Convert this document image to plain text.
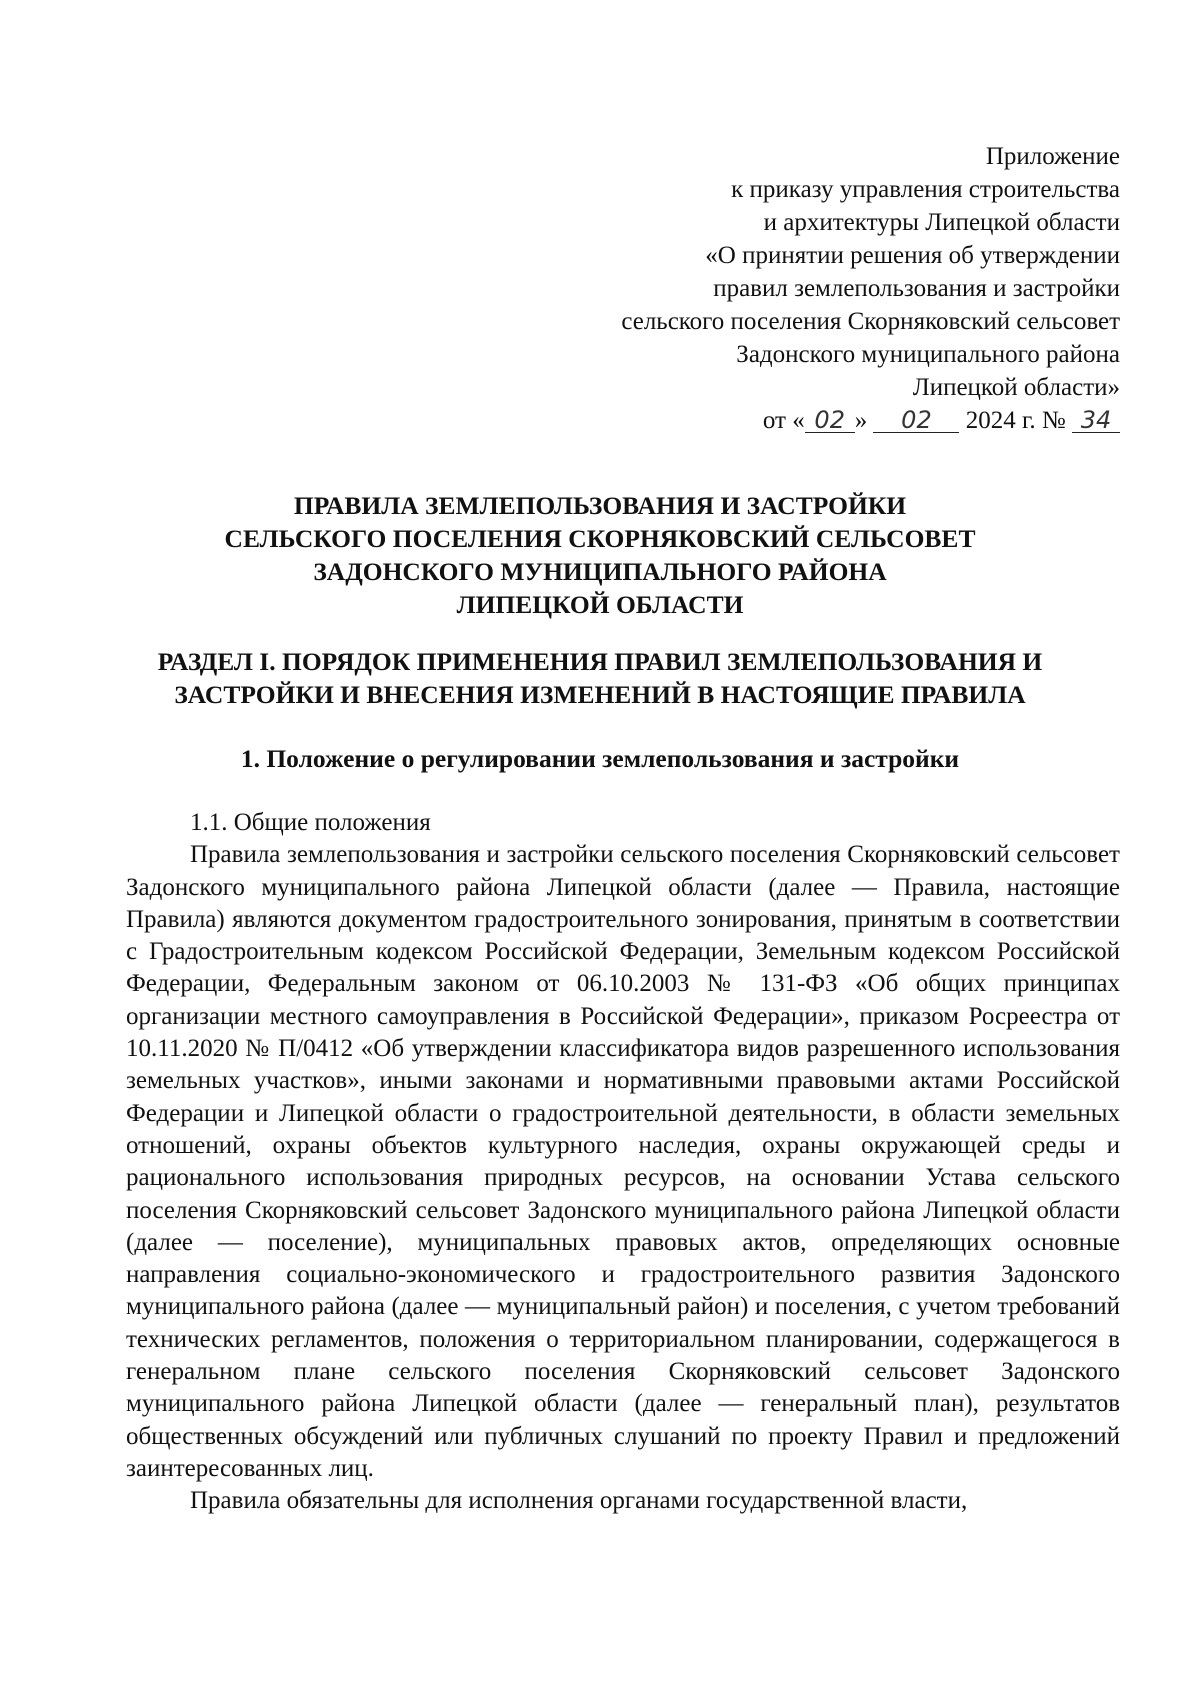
Приложение
к приказу управления строительства
и архитектуры Липецкой области
«О принятии решения об утверждении
правил землепользования и застройки
сельского поселения Скорняковский сельсовет
Задонского муниципального района
Липецкой области»
от « 02 » 02 2024 г. № 34
ПРАВИЛА ЗЕМЛЕПОЛЬЗОВАНИЯ И ЗАСТРОЙКИ
СЕЛЬСКОГО ПОСЕЛЕНИЯ СКОРНЯКОВСКИЙ СЕЛЬСОВЕТ
ЗАДОНСКОГО МУНИЦИПАЛЬНОГО РАЙОНА
ЛИПЕЦКОЙ ОБЛАСТИ
РАЗДЕЛ I. ПОРЯДОК ПРИМЕНЕНИЯ ПРАВИЛ ЗЕМЛЕПОЛЬЗОВАНИЯ И
ЗАСТРОЙКИ И ВНЕСЕНИЯ ИЗМЕНЕНИЙ В НАСТОЯЩИЕ ПРАВИЛА
1. Положение о регулировании землепользования и застройки

1.1. Общие положения

Правила землепользования и застройки сельского поселения Скорняковский сельсовет Задонского муниципального района Липецкой области (далее — Правила, настоящие Правила) являются документом градостроительного зонирования, принятым в соответствии с Градостроительным кодексом Российской Федерации, Земельным кодексом Российской Федерации, Федеральным законом от 06.10.2003 № 131-ФЗ «Об общих принципах организации местного самоуправления в Российской Федерации», приказом Росреестра от 10.11.2020 № П/0412 «Об утверждении классификатора видов разрешенного использования земельных участков», иными законами и нормативными правовыми актами Российской Федерации и Липецкой области о градостроительной деятельности, в области земельных отношений, охраны объектов культурного наследия, охраны окружающей среды и рационального использования природных ресурсов, на основании Устава сельского поселения Скорняковский сельсовет Задонского муниципального района Липецкой области (далее — поселение), муниципальных правовых актов, определяющих основные направления социально-экономического и градостроительного развития Задонского муниципального района (далее — муниципальный район) и поселения, с учетом требований технических регламентов, положения о территориальном планировании, содержащегося в генеральном плане сельского поселения Скорняковский сельсовет Задонского муниципального района Липецкой области (далее — генеральный план), результатов общественных обсуждений или публичных слушаний по проекту Правил и предложений заинтересованных лиц.

Правила обязательны для исполнения органами государственной власти,
